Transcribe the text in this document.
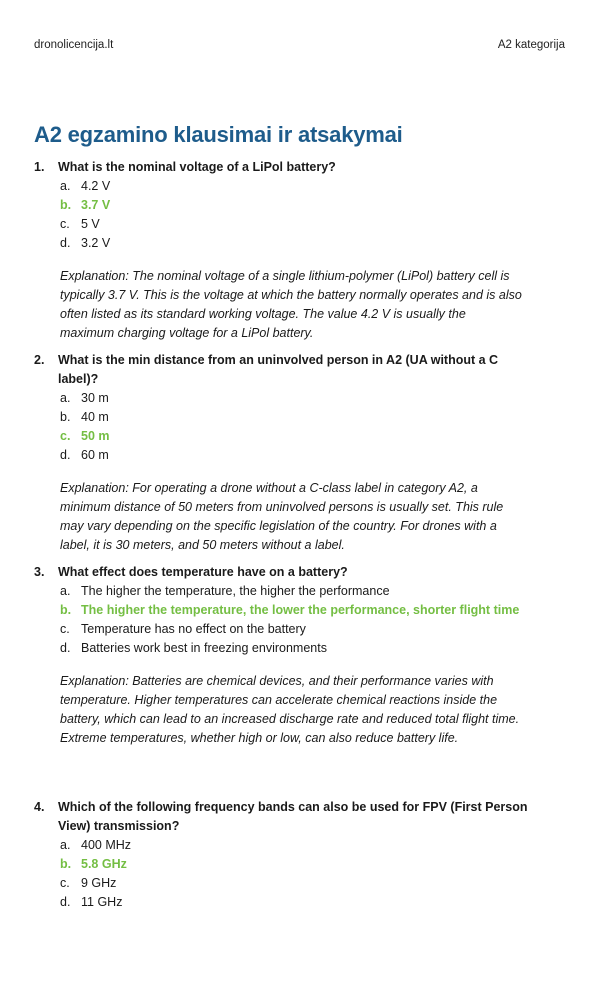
dronolicencija.lt	A2 kategorija
A2 egzamino klausimai ir atsakymai
1.	What is the nominal voltage of a LiPol battery?
a. 4.2 V
b. 3.7 V
c. 5 V
d. 3.2 V

Explanation: The nominal voltage of a single lithium-polymer (LiPol) battery cell is typically 3.7 V. This is the voltage at which the battery normally operates and is also often listed as its standard working voltage. The value 4.2 V is usually the maximum charging voltage for a LiPol battery.

2.	What is the min distance from an uninvolved person in A2 (UA without a C label)?
a. 30 m
b. 40 m
c. 50 m
d. 60 m

Explanation: For operating a drone without a C-class label in category A2, a minimum distance of 50 meters from uninvolved persons is usually set. This rule may vary depending on the specific legislation of the country. For drones with a label, it is 30 meters, and 50 meters without a label.

3.	What effect does temperature have on a battery?
a. The higher the temperature, the higher the performance
b. The higher the temperature, the lower the performance, shorter flight time
c. Temperature has no effect on the battery
d. Batteries work best in freezing environments

Explanation: Batteries are chemical devices, and their performance varies with temperature. Higher temperatures can accelerate chemical reactions inside the battery, which can lead to an increased discharge rate and reduced total flight time. Extreme temperatures, whether high or low, can also reduce battery life.

4.	Which of the following frequency bands can also be used for FPV (First Person View) transmission?
a. 400 MHz
b. 5.8 GHz
c. 9 GHz
d. 11 GHz
